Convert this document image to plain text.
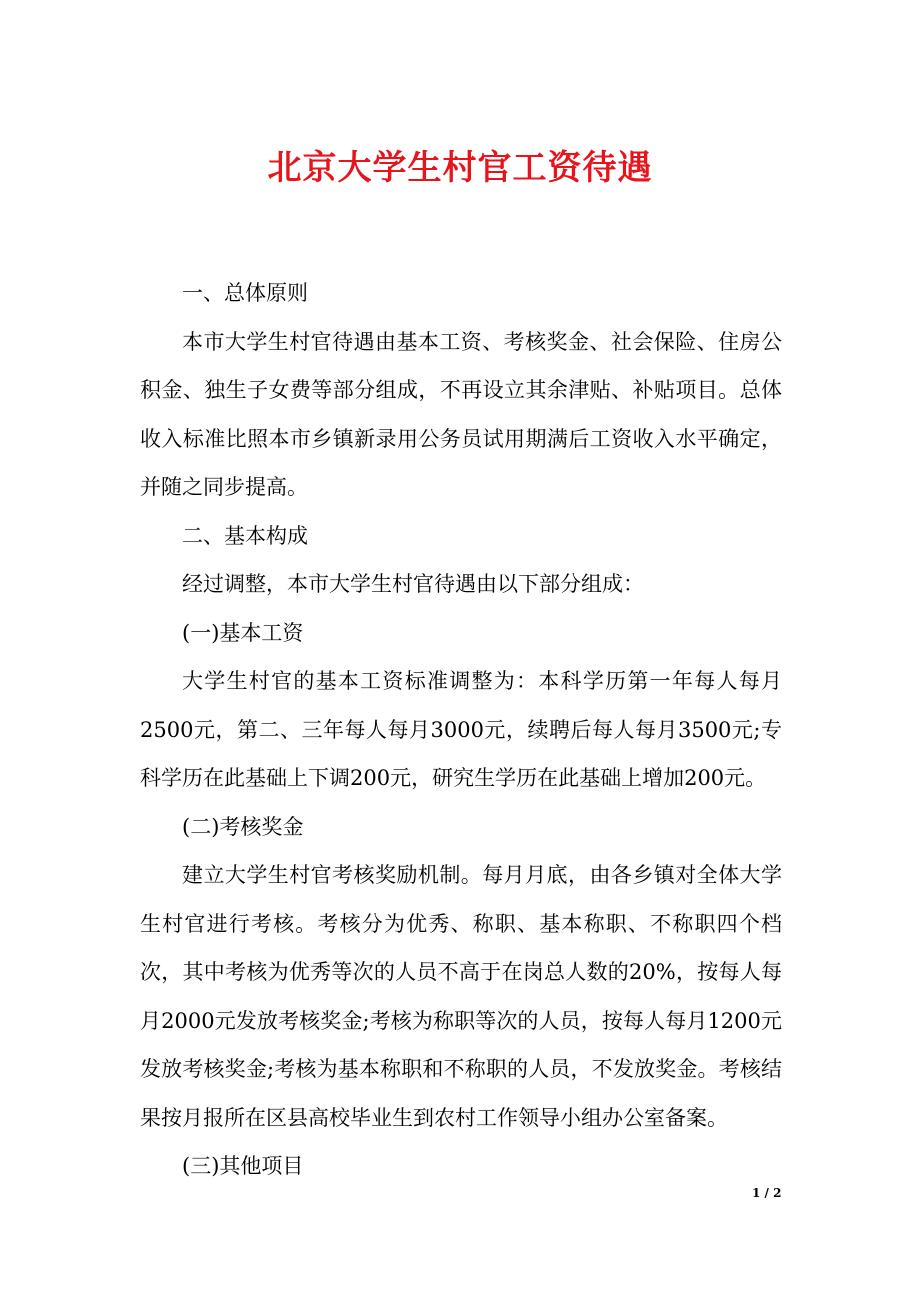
北京大学生村官工资待遇

一、总体原则

本市大学生村官待遇由基本工资、考核奖金、社会保险、住房公积金、独生子女费等部分组成，不再设立其余津贴、补贴项目。总体收入标准比照本市乡镇新录用公务员试用期满后工资收入水平确定，并随之同步提高。

二、基本构成

经过调整，本市大学生村官待遇由以下部分组成：

(一)基本工资

大学生村官的基本工资标准调整为：本科学历第一年每人每月2500元，第二、三年每人每月3000元，续聘后每人每月3500元;专科学历在此基础上下调200元，研究生学历在此基础上增加200元。

(二)考核奖金

建立大学生村官考核奖励机制。每月月底，由各乡镇对全体大学生村官进行考核。考核分为优秀、称职、基本称职、不称职四个档次，其中考核为优秀等次的人员不高于在岗总人数的20%，按每人每月2000元发放考核奖金;考核为称职等次的人员，按每人每月1200元发放考核奖金;考核为基本称职和不称职的人员，不发放奖金。考核结果按月报所在区县高校毕业生到农村工作领导小组办公室备案。

(三)其他项目

1 / 2
